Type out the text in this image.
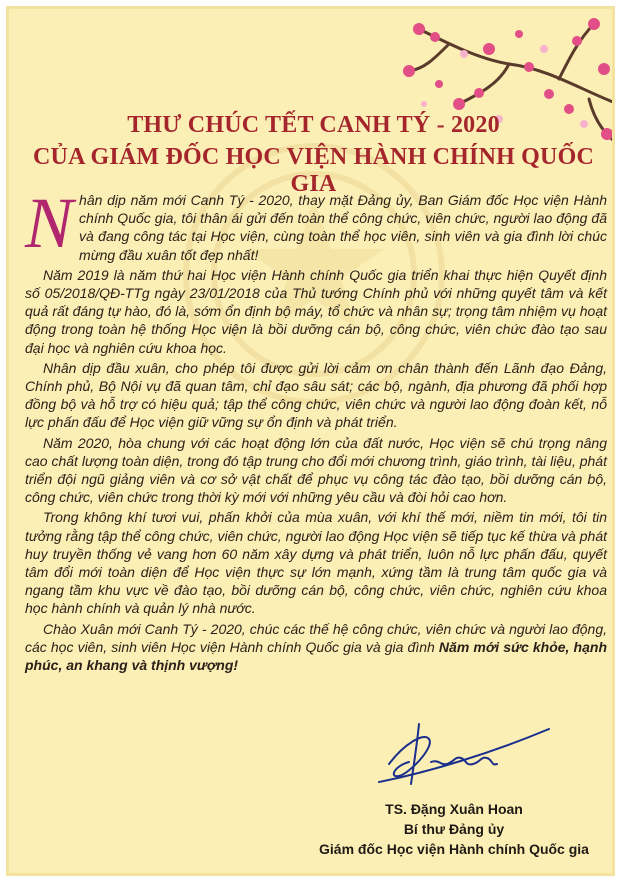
THƯ CHÚC TẾT CANH TÝ - 2020
CỦA GIÁM ĐỐC HỌC VIỆN HÀNH CHÍNH QUỐC GIA

Nhân dịp năm mới Canh Tý - 2020, thay mặt Đảng ủy, Ban Giám đốc Học viện Hành chính Quốc gia, tôi thân ái gửi đến toàn thể công chức, viên chức, người lao động đã và đang công tác tại Học viện, cùng toàn thể học viên, sinh viên và gia đình lời chúc mừng đầu xuân tốt đẹp nhất!

Năm 2019 là năm thứ hai Học viện Hành chính Quốc gia triển khai thực hiện Quyết định số 05/2018/QĐ-TTg ngày 23/01/2018 của Thủ tướng Chính phủ với những quyết tâm và kết quả rất đáng tự hào, đó là, sớm ổn định bộ máy, tổ chức và nhân sự; trọng tâm nhiệm vụ hoạt động trong toàn hệ thống Học viện là bồi dưỡng cán bộ, công chức, viên chức đào tạo sau đại học và nghiên cứu khoa học.

Nhân dịp đầu xuân, cho phép tôi được gửi lời cảm ơn chân thành đến Lãnh đạo Đảng, Chính phủ, Bộ Nội vụ đã quan tâm, chỉ đạo sâu sát; các bộ, ngành, địa phương đã phối hợp đồng bộ và hỗ trợ có hiệu quả; tập thể công chức, viên chức và người lao động đoàn kết, nỗ lực phấn đấu để Học viện giữ vững sự ổn định và phát triển.

Năm 2020, hòa chung với các hoạt động lớn của đất nước, Học viện sẽ chú trọng nâng cao chất lượng toàn diện, trong đó tập trung cho đổi mới chương trình, giáo trình, tài liệu, phát triển đội ngũ giảng viên và cơ sở vật chất để phục vụ công tác đào tạo, bồi dưỡng cán bộ, công chức, viên chức trong thời kỳ mới với những yêu cầu và đòi hỏi cao hơn.

Trong không khí tươi vui, phấn khởi của mùa xuân, với khí thế mới, niềm tin mới, tôi tin tưởng rằng tập thể công chức, viên chức, người lao động Học viện sẽ tiếp tục kế thừa và phát huy truyền thống vẻ vang hơn 60 năm xây dựng và phát triển, luôn nỗ lực phấn đấu, quyết tâm đổi mới toàn diện để Học viện thực sự lớn mạnh, xứng tầm là trung tâm quốc gia và ngang tầm khu vực về đào tạo, bồi dưỡng cán bộ, công chức, viên chức, nghiên cứu khoa học hành chính và quản lý nhà nước.

Chào Xuân mới Canh Tý - 2020, chúc các thế hệ công chức, viên chức và người lao động, các học viên, sinh viên Học viện Hành chính Quốc gia và gia đình Năm mới sức khỏe, hạnh phúc, an khang và thịnh vượng!

TS. Đặng Xuân Hoan
Bí thư Đảng ủy
Giám đốc Học viện Hành chính Quốc gia
